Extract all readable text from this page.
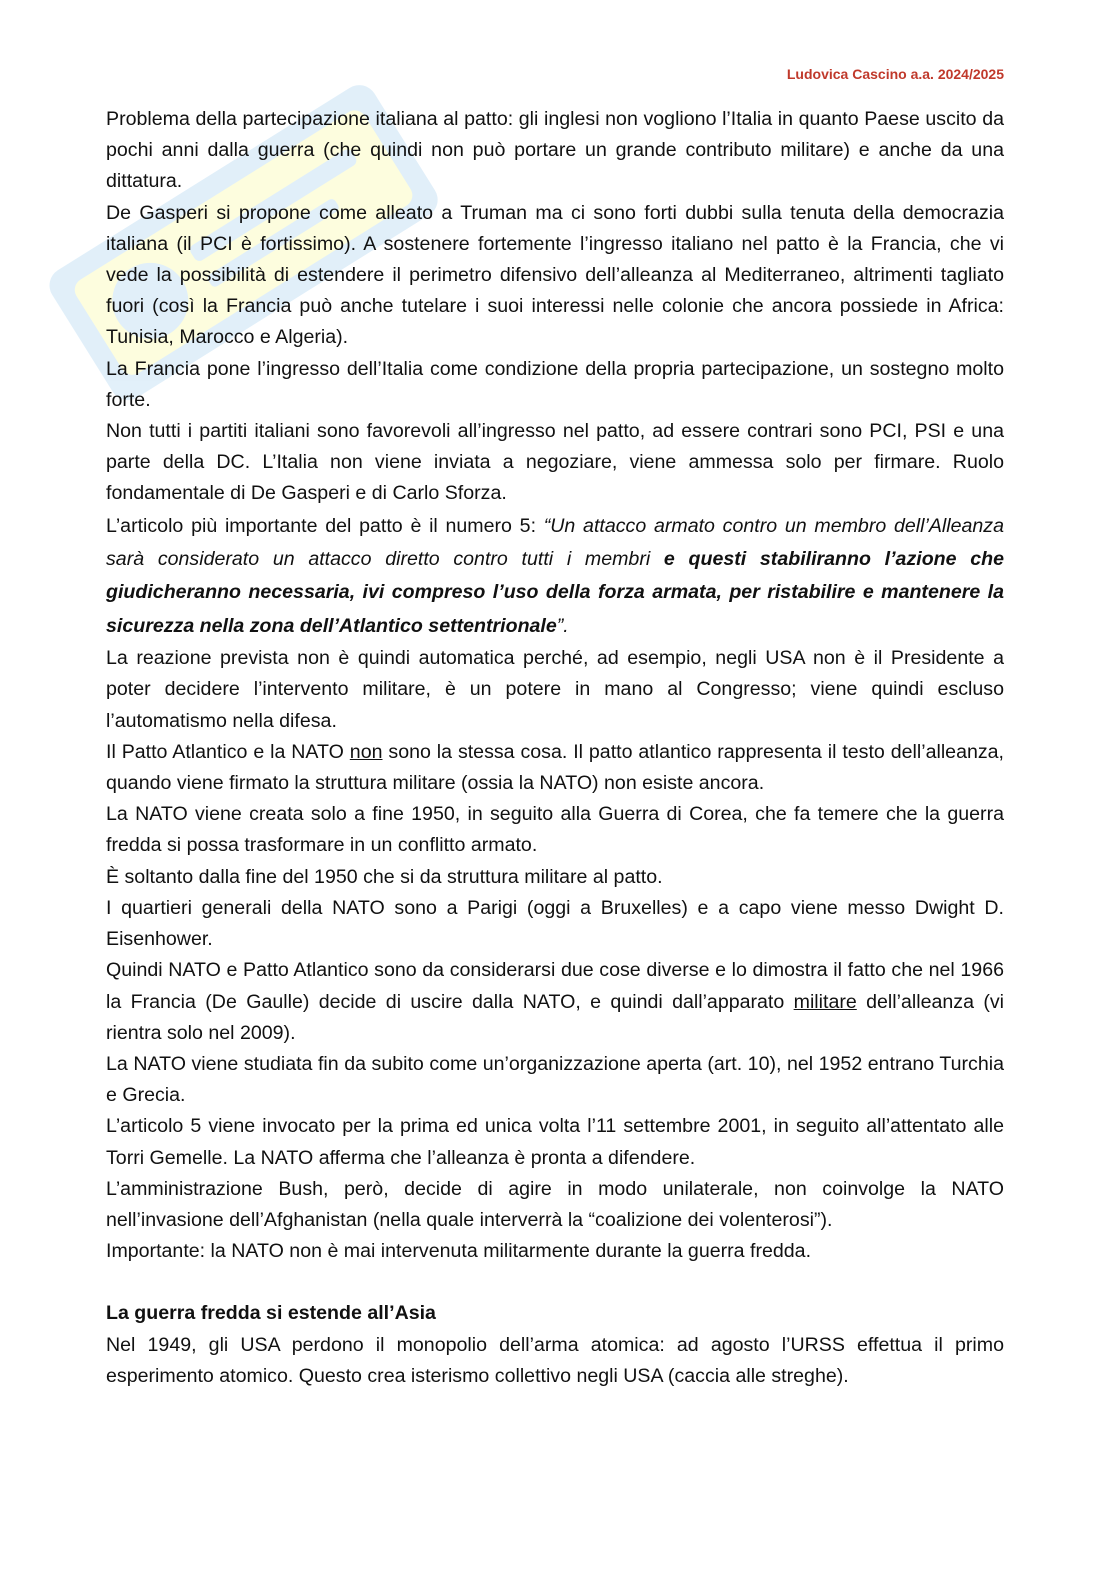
Ludovica Cascino a.a. 2024/2025

Problema della partecipazione italiana al patto: gli inglesi non vogliono l’Italia in quanto Paese uscito da pochi anni dalla guerra (che quindi non può portare un grande contributo militare) e anche da una dittatura.

De Gasperi si propone come alleato a Truman ma ci sono forti dubbi sulla tenuta della democrazia italiana (il PCI è fortissimo). A sostenere fortemente l’ingresso italiano nel patto è la Francia, che vi vede la possibilità di estendere il perimetro difensivo dell’alleanza al Mediterraneo, altrimenti tagliato fuori (così la Francia può anche tutelare i suoi interessi nelle colonie che ancora possiede in Africa: Tunisia, Marocco e Algeria).

La Francia pone l’ingresso dell’Italia come condizione della propria partecipazione, un sostegno molto forte.

Non tutti i partiti italiani sono favorevoli all’ingresso nel patto, ad essere contrari sono PCI, PSI e una parte della DC. L’Italia non viene inviata a negoziare, viene ammessa solo per firmare. Ruolo fondamentale di De Gasperi e di Carlo Sforza.

L’articolo più importante del patto è il numero 5: “Un attacco armato contro un membro dell’Alleanza sarà considerato un attacco diretto contro tutti i membri e questi stabiliranno l’azione che giudicheranno necessaria, ivi compreso l’uso della forza armata, per ristabilire e mantenere la sicurezza nella zona dell’Atlantico settentrionale”.

La reazione prevista non è quindi automatica perché, ad esempio, negli USA non è il Presidente a poter decidere l’intervento militare, è un potere in mano al Congresso; viene quindi escluso l’automatismo nella difesa.

Il Patto Atlantico e la NATO non sono la stessa cosa. Il patto atlantico rappresenta il testo dell’alleanza, quando viene firmato la struttura militare (ossia la NATO) non esiste ancora.

La NATO viene creata solo a fine 1950, in seguito alla Guerra di Corea, che fa temere che la guerra fredda si possa trasformare in un conflitto armato.

È soltanto dalla fine del 1950 che si da struttura militare al patto.

I quartieri generali della NATO sono a Parigi (oggi a Bruxelles) e a capo viene messo Dwight D. Eisenhower.

Quindi NATO e Patto Atlantico sono da considerarsi due cose diverse e lo dimostra il fatto che nel 1966 la Francia (De Gaulle) decide di uscire dalla NATO, e quindi dall’apparato militare dell’alleanza (vi rientra solo nel 2009).

La NATO viene studiata fin da subito come un’organizzazione aperta (art. 10), nel 1952 entrano Turchia e Grecia.

L’articolo 5 viene invocato per la prima ed unica volta l’11 settembre 2001, in seguito all’attentato alle Torri Gemelle. La NATO afferma che l’alleanza è pronta a difendere.

L’amministrazione Bush, però, decide di agire in modo unilaterale, non coinvolge la NATO nell’invasione dell’Afghanistan (nella quale interverrà la “coalizione dei volenterosi”).

Importante: la NATO non è mai intervenuta militarmente durante la guerra fredda.

La guerra fredda si estende all’Asia

Nel 1949, gli USA perdono il monopolio dell’arma atomica: ad agosto l’URSS effettua il primo esperimento atomico. Questo crea isterismo collettivo negli USA (caccia alle streghe).
